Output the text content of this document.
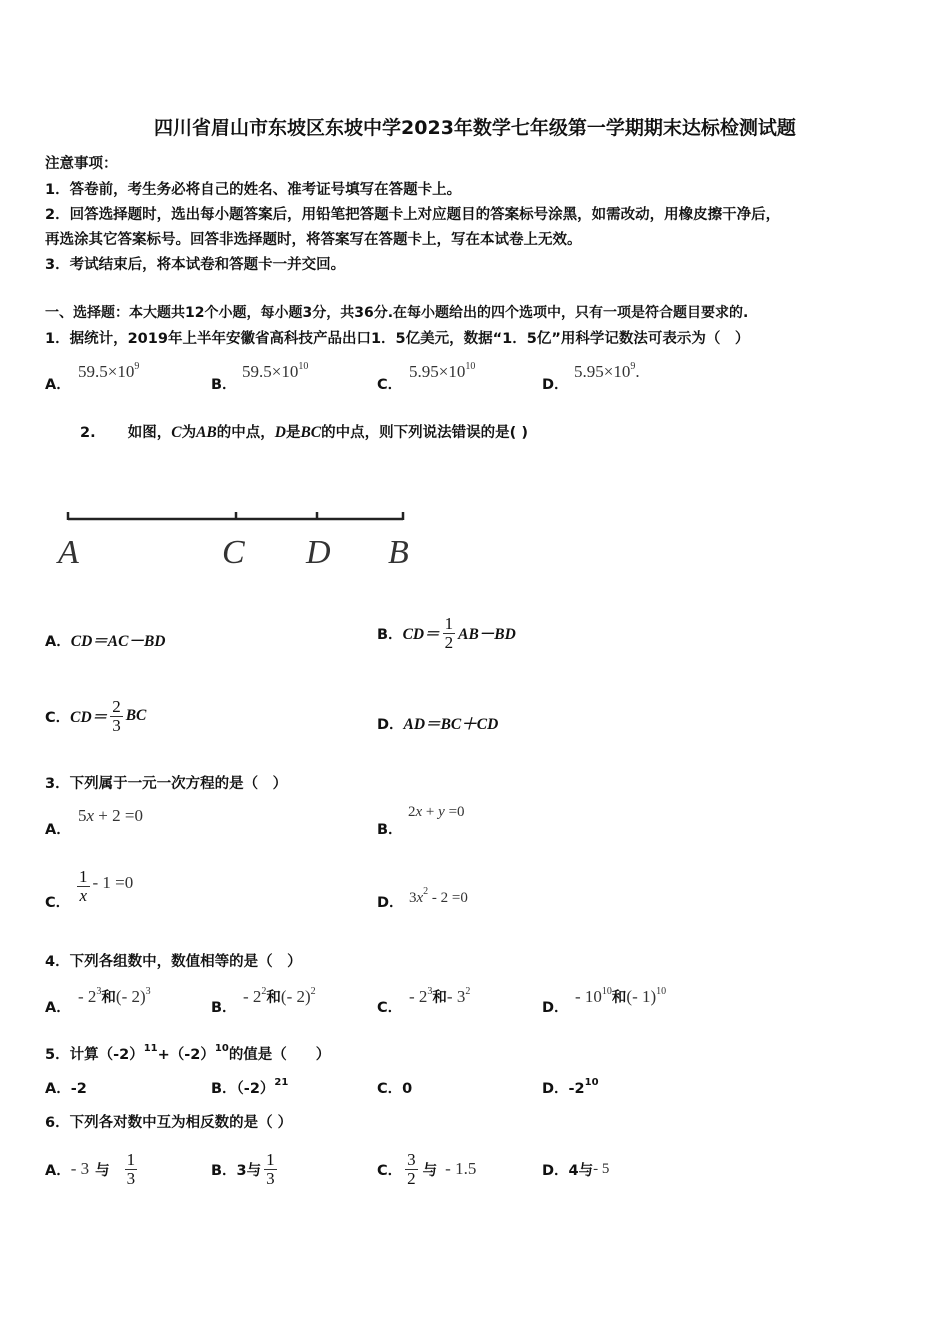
四川省眉山市东坡区东坡中学2023年数学七年级第一学期期末达标检测试题
注意事项：
1．答卷前，考生务必将自己的姓名、准考证号填写在答题卡上。
2．回答选择题时，选出每小题答案后，用铅笔把答题卡上对应题目的答案标号涂黑，如需改动，用橡皮擦干净后，
再选涂其它答案标号。回答非选择题时，将答案写在答题卡上，写在本试卷上无效。
3．考试结束后，将本试卷和答题卡一并交回。
一、选择题：本大题共12个小题，每小题3分，共36分.在每小题给出的四个选项中，只有一项是符合题目要求的.
1．据统计，2019年上半年安徽省高科技产品出口1．5亿美元，数据“1．5亿”用科学记数法可表示为（　）
A．
$59.5\times 10^9$
B．
$59.5\times 10^{10}$
C．
$5.95\times 10^{10}$
D．
$5.95\times 10^9$.
2. 如图，C为AB的中点，D是BC的中点，则下列说法错误的是( )
A	C D B
A．CD＝AC－BD	B． $CD= \frac{1}{2} AB-BD$
C． $CD= \frac{2}{3}$ BC
D．AD＝BC＋CD
3．下列属于一元一次方程的是（　）
A．
5x + 2 =0
B．
2x + y =0
C． $\frac{1}{x} - 1 =0$
D． $3x^2 - 2 =0$
4．下列各组数中，数值相等的是（　）
A．
- $2^3$和(- 2)$^3$
B．
- $2^2$和(- 2)$^2$
C．
- $2^3$和- $3^2$
D．
- $10^{10}$和(- 1)$^{10}$
5．计算$(-2)^{11}+(-2)^{10}$的值是（　　）
A．-2	B．$(-2)^{21}$	C．0	D．$-2^{10}$
6．下列各对数中互为相反数的是（ ）
A． - 3 与 $\frac{1}{3}$	B．3与 $\frac{1}{3}$	C． $\frac{3}{2}$ 与 - 1.5	D．4与 - 5
